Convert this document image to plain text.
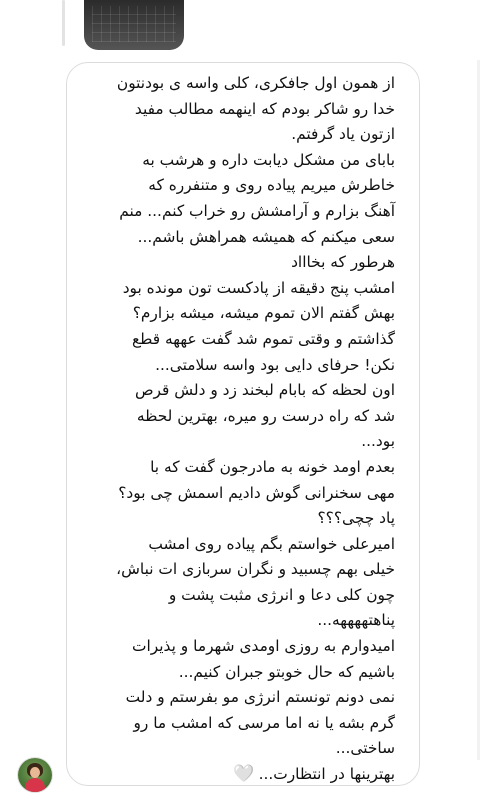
از همون اول جافکری، کلی واسه ی بودنتون
خدا رو شاکر بودم که اینهمه مطالب مفید
ازتون یاد گرفتم.

بابای من مشکل دیابت داره و هرشب به
خاطرش میریم پیاده روی و متنفرره که
آهنگ بزارم و آرامشش رو خراب کنم... منم
سعی میکنم که همیشه همراهش باشم...
هرطور که بخاااد

امشب پنج دقیقه از پادکست تون مونده بود
بهش گفتم الان تموم میشه، میشه بزارم؟
گذاشتم و وقتی تموم شد گفت عههه قطع
نکن! حرفای دایی بود واسه سلامتی...

اون لحظه که بابام لبخند زد و دلش قرص
شد که راه درست رو میره، بهترین لحظه
بود...

بعدم اومد خونه به مادرجون گفت که با
مهی سخنرانی گوش دادیم اسمش چی بود؟
پاد چچی؟؟؟

امیرعلی خواستم بگم پیاده روی امشب
خیلی بهم چسبید و نگران سربازی ات نباش،
چون کلی دعا و انرژی مثبت پشت و
پناهتههههه...

امیدوارم به روزی اومدی شهرما و پذیرات
باشیم که حال خوبتو جبران کنیم...

نمی دونم تونستم انرژی مو بفرستم و دلت
گرم بشه یا نه اما مرسی که امشب ما رو
ساختی...

بهترینها در انتظارت...🤍
